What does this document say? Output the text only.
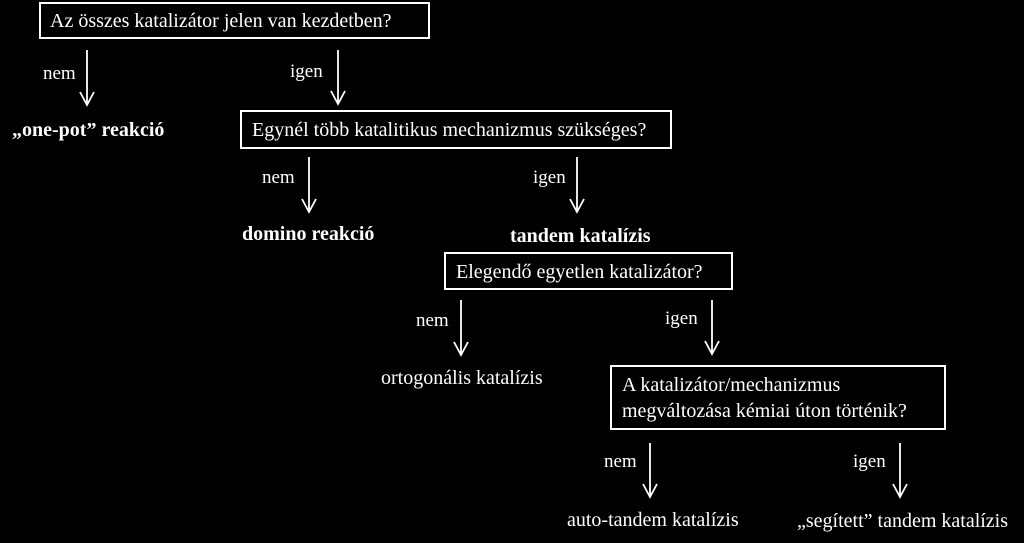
Az összes katalizátor jelen van kezdetben?
Egynél több katalitikus mechanizmus szükséges?
Elegendő egyetlen katalizátor?
A katalizátor/mechanizmus
megváltozása kémiai úton történik?
nem	igen
nem	igen
nem	igen
nem	igen
„one-pot” reakció
domino reakció	tandem katalízis
ortogonális katalízis
auto-tandem katalízis	„segített” tandem katalízis
